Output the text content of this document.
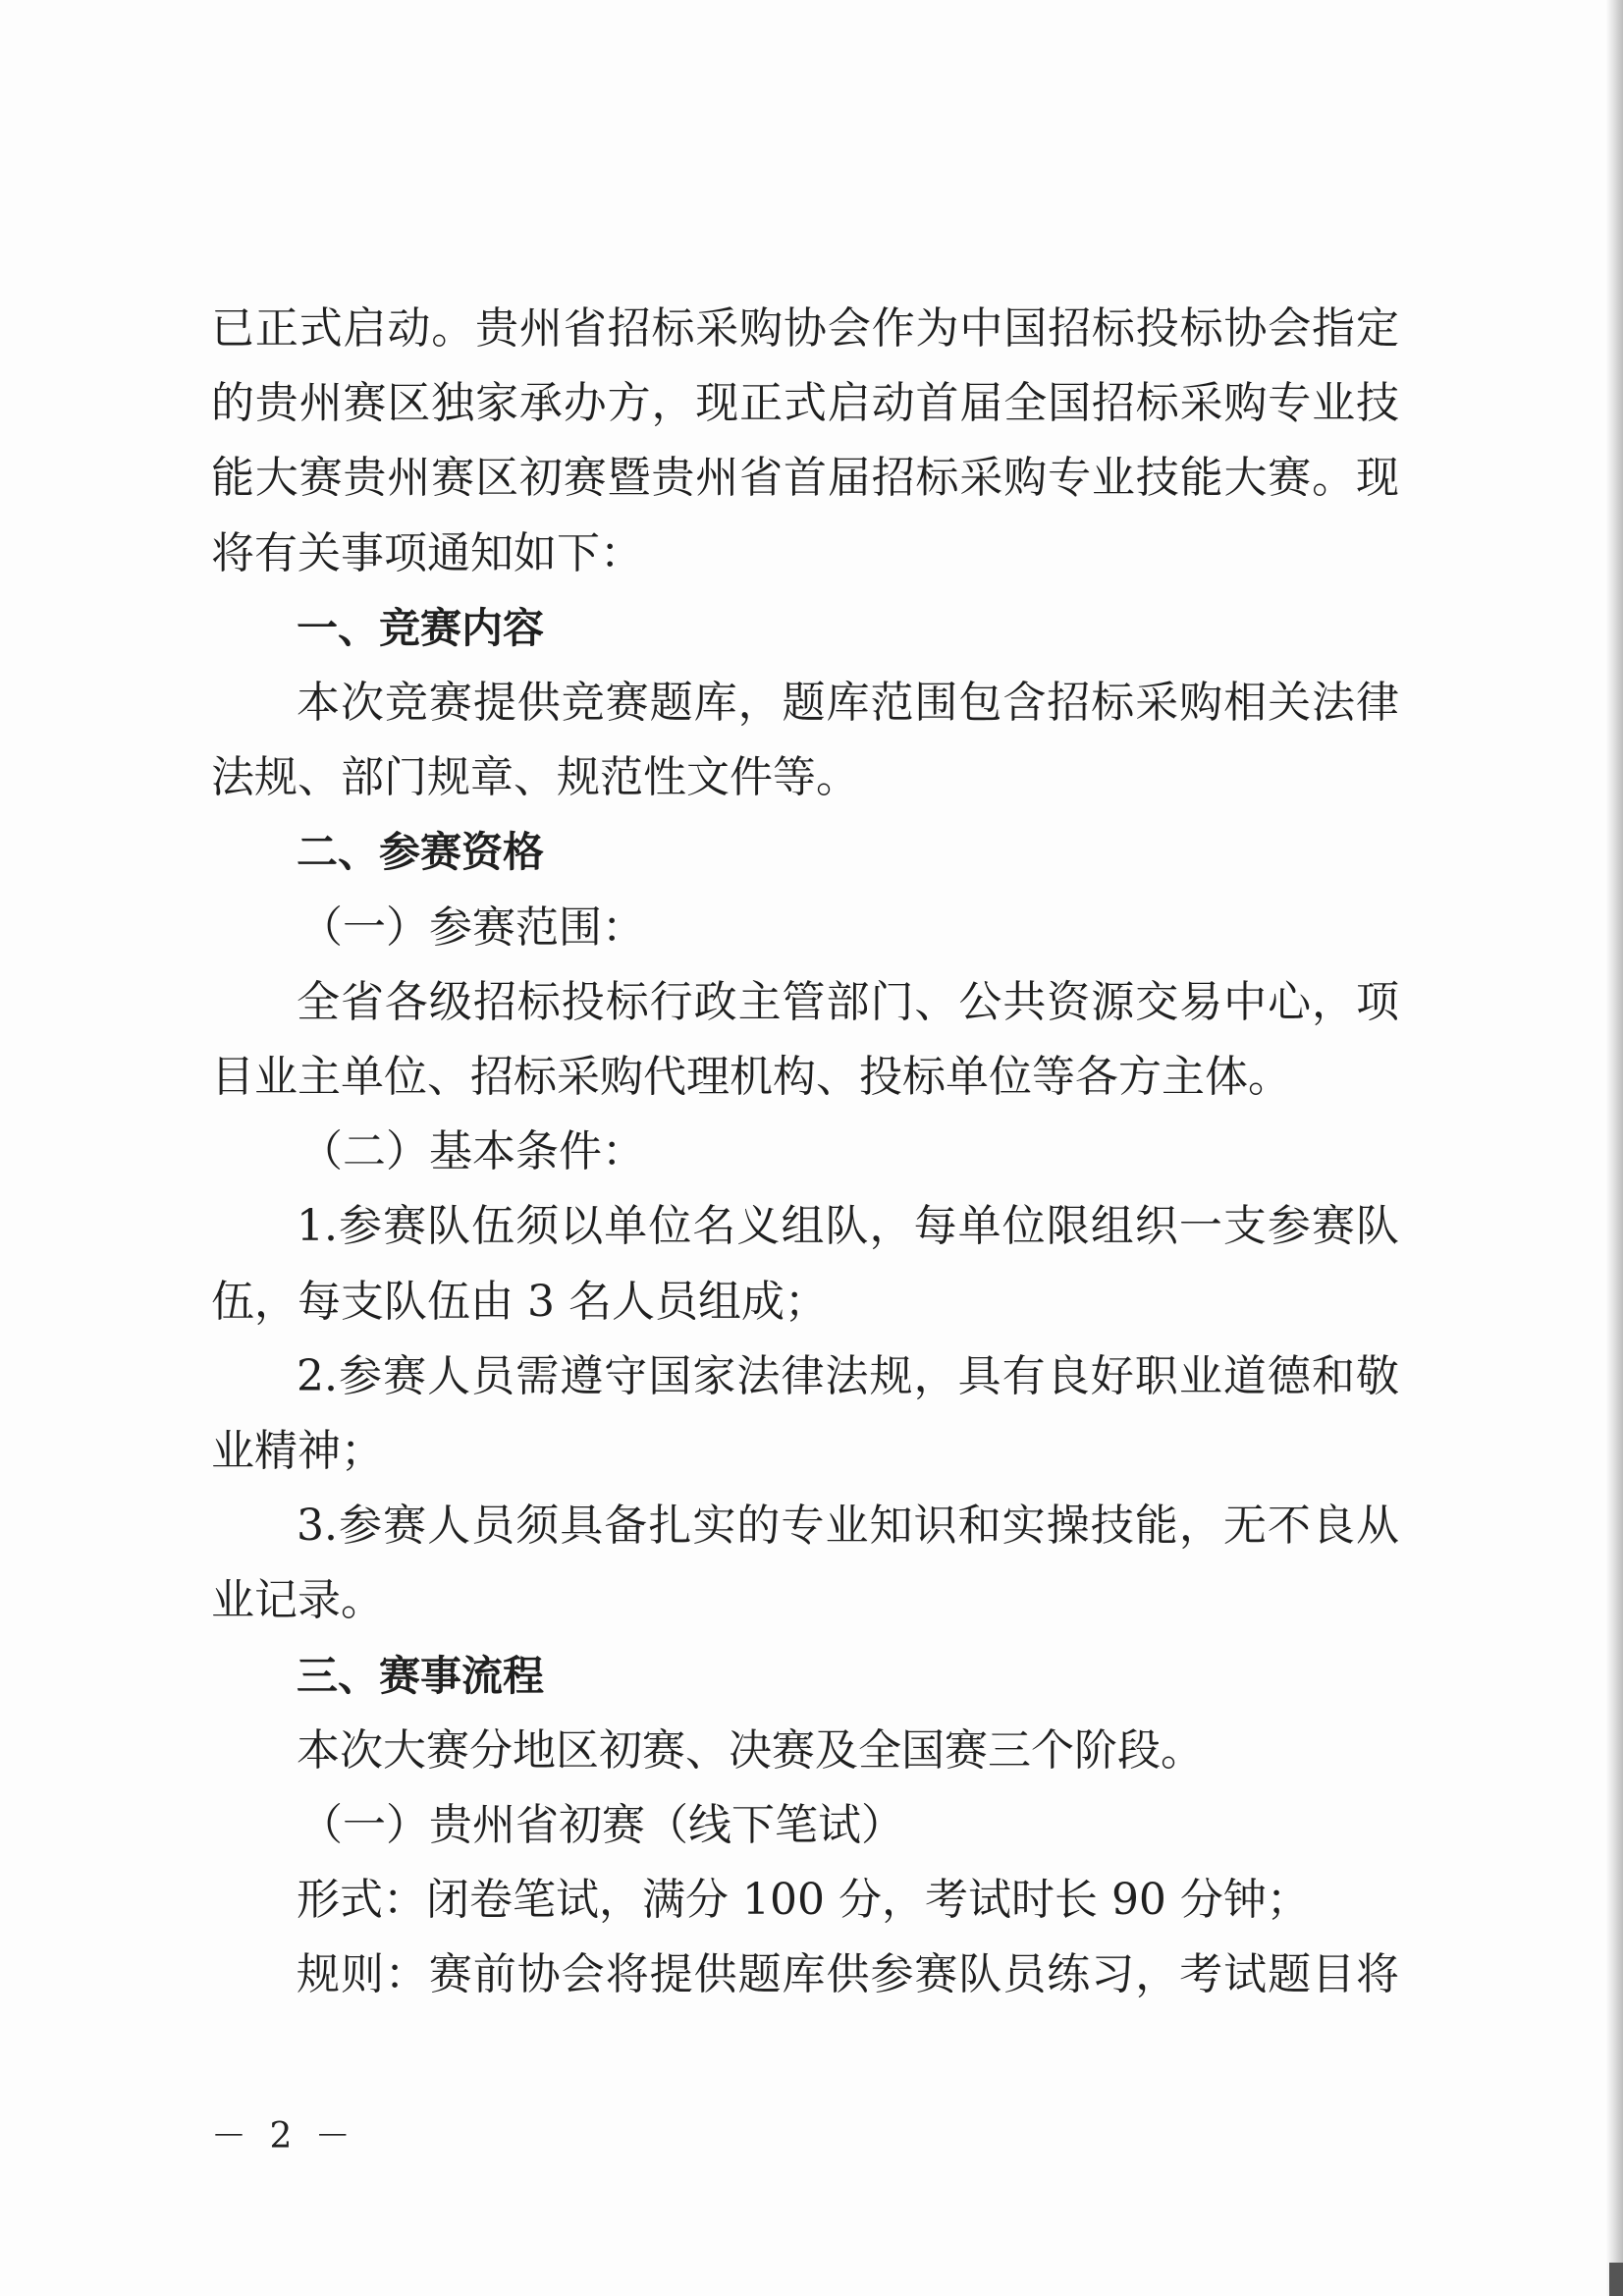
已正式启动。贵州省招标采购协会作为中国招标投标协会指定
的贵州赛区独家承办方，现正式启动首届全国招标采购专业技
能大赛贵州赛区初赛暨贵州省首届招标采购专业技能大赛。现
将有关事项通知如下：
一、竞赛内容
本次竞赛提供竞赛题库，题库范围包含招标采购相关法律
法规、部门规章、规范性文件等。
二、参赛资格
（一）参赛范围：
全省各级招标投标行政主管部门、公共资源交易中心，项
目业主单位、招标采购代理机构、投标单位等各方主体。
（二）基本条件：
1.参赛队伍须以单位名义组队，每单位限组织一支参赛队
伍，每支队伍由 3 名人员组成；
2.参赛人员需遵守国家法律法规，具有良好职业道德和敬
业精神；
3.参赛人员须具备扎实的专业知识和实操技能，无不良从
业记录。
三、赛事流程
本次大赛分地区初赛、决赛及全国赛三个阶段。
（一）贵州省初赛（线下笔试）
形式：闭卷笔试，满分 100 分，考试时长 90 分钟；
规则：赛前协会将提供题库供参赛队员练习，考试题目将
－ 2 －
